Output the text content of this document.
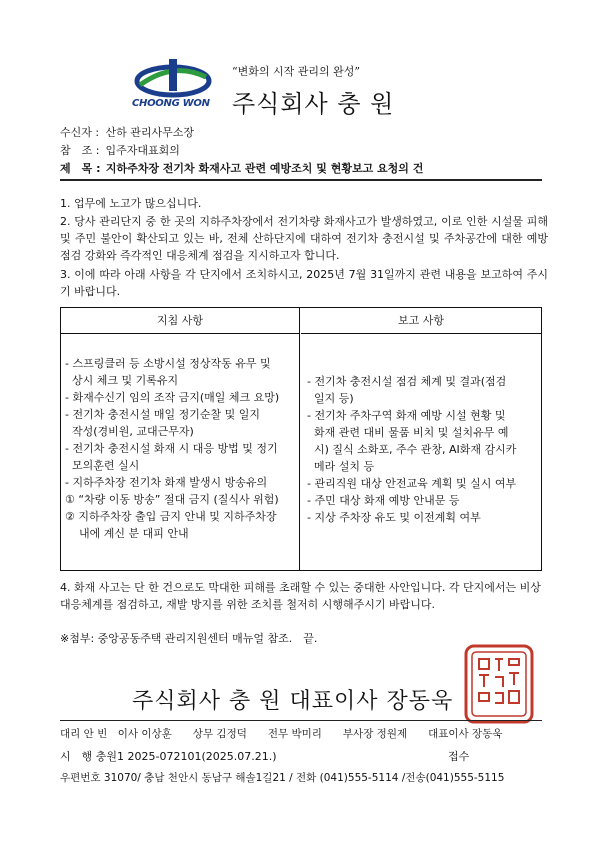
CHOONG WON
“변화의 시작 관리의 완성”
주식회사 충 원
수신자 : 산하 관리사무소장
참　조 : 입주자대표회의
제　목 : 지하주차장 전기차 화재사고 관련 예방조치 및 현황보고 요청의 건
1. 업무에 노고가 많으십니다.
2. 당사 관리단지 중 한 곳의 지하주차장에서 전기차량 화재사고가 발생하였고, 이로 인한 시설물 피해 및 주민 불안이 확산되고 있는 바, 전체 산하단지에 대하여 전기차 충전시설 및 주차공간에 대한 예방점검 강화와 즉각적인 대응체계 점검을 지시하고자 합니다.
3. 이에 따라 아래 사항을 각 단지에서 조치하시고, 2025년 7월 31일까지 관련 내용을 보고하여 주시기 바랍니다.
지침 사항
- 스프링클러 등 소방시설 정상작동 유무 및
상시 체크 및 기록유지
- 화재수신기 임의 조작 금지(매일 체크 요망)
- 전기차 충전시설 매일 정기순찰 및 일지
작성(경비원, 교대근무자)
- 전기차 충전시설 화재 시 대응 방법 및 정기
모의훈련 실시
- 지하주차장 전기차 화재 발생시 방송유의
① “차량 이동 방송” 절대 금지 (질식사 위험)
② 지하주차장 출입 금지 안내 및 지하주차장
내에 계신 분 대피 안내
보고 사항
- 전기차 충전시설 점검 체계 및 결과(점검
일지 등)
- 전기차 주차구역 화재 예방 시설 현황 및
화재 관련 대비 물품 비치 및 설치유무 예
시) 질식 소화포, 주수 관창, AI화재 감시카
메라 설치 등
- 관리직원 대상 안전교육 계획 및 실시 여부
- 주민 대상 화재 예방 안내문 등
- 지상 주차장 유도 및 이전계획 여부
4. 화재 사고는 단 한 건으로도 막대한 피해를 초래할 수 있는 중대한 사안입니다. 각 단지에서는 비상 대응체계를 점검하고, 재발 방지를 위한 조치를 철저히 시행해주시기 바랍니다.
※첨부: 중앙공동주택 관리지원센터 매뉴얼 참조.　끝.
주식회사 충 원 대표이사 장동욱
대리 안 빈　이사 이상훈　　상무 김정덕　　전무 박미리　　부사장 정원제　　대표이사 장동욱
시　행 충원1 2025-072101(2025.07.21.)	접수
우편번호 31070/ 충남 천안시 동남구 해솔1길21 / 전화 (041)555-5114 /전송(041)555-5115
